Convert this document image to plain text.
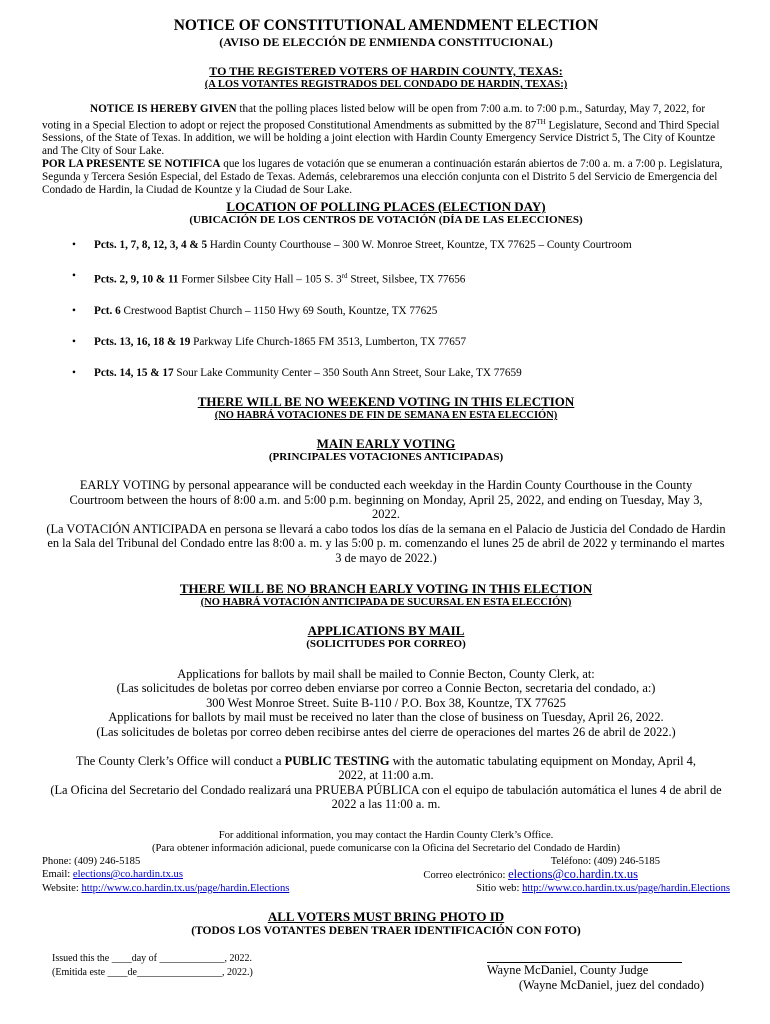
NOTICE OF CONSTITUTIONAL AMENDMENT ELECTION
(AVISO DE ELECCIÓN DE ENMIENDA CONSTITUCIONAL)
TO THE REGISTERED VOTERS OF HARDIN COUNTY, TEXAS:
(A LOS VOTANTES REGISTRADOS DEL CONDADO DE HARDIN, TEXAS:)
NOTICE IS HEREBY GIVEN that the polling places listed below will be open from 7:00 a.m. to 7:00 p.m., Saturday, May 7, 2022, for voting in a Special Election to adopt or reject the proposed Constitutional Amendments as submitted by the 87TH Legislature, Second and Third Special Sessions, of the State of Texas. In addition, we will be holding a joint election with Hardin County Emergency Service District 5, The City of Kountze and The City of Sour Lake.
POR LA PRESENTE SE NOTIFICA que los lugares de votación que se enumeran a continuación estarán abiertos de 7:00 a. m. a 7:00 p. Legislatura, Segunda y Tercera Sesión Especial, del Estado de Texas. Además, celebraremos una elección conjunta con el Distrito 5 del Servicio de Emergencia del Condado de Hardin, la Ciudad de Kountze y la Ciudad de Sour Lake.
LOCATION OF POLLING PLACES (ELECTION DAY)
(UBICACIÓN DE LOS CENTROS DE VOTACIÓN (DÍA DE LAS ELECCIONES)
• Pcts. 1, 7, 8, 12, 3, 4 & 5 Hardin County Courthouse – 300 W. Monroe Street, Kountze, TX 77625 – County Courtroom
• Pcts. 2, 9, 10 & 11 Former Silsbee City Hall – 105 S. 3rd Street, Silsbee, TX 77656
• Pct. 6 Crestwood Baptist Church – 1150 Hwy 69 South, Kountze, TX 77625
• Pcts. 13, 16, 18 & 19 Parkway Life Church-1865 FM 3513, Lumberton, TX 77657
• Pcts. 14, 15 & 17 Sour Lake Community Center – 350 South Ann Street, Sour Lake, TX 77659
THERE WILL BE NO WEEKEND VOTING IN THIS ELECTION
(NO HABRÁ VOTACIONES DE FIN DE SEMANA EN ESTA ELECCIÓN)
MAIN EARLY VOTING
(PRINCIPALES VOTACIONES ANTICIPADAS)
EARLY VOTING by personal appearance will be conducted each weekday in the Hardin County Courthouse in the County Courtroom between the hours of 8:00 a.m. and 5:00 p.m. beginning on Monday, April 25, 2022, and ending on Tuesday, May 3, 2022.
(La VOTACIÓN ANTICIPADA en persona se llevará a cabo todos los días de la semana en el Palacio de Justicia del Condado de Hardin en la Sala del Tribunal del Condado entre las 8:00 a. m. y las 5:00 p. m. comenzando el lunes 25 de abril de 2022 y terminando el martes 3 de mayo de 2022.)
THERE WILL BE NO BRANCH EARLY VOTING IN THIS ELECTION
(NO HABRÁ VOTACIÓN ANTICIPADA DE SUCURSAL EN ESTA ELECCIÓN)
APPLICATIONS BY MAIL
(SOLICITUDES POR CORREO)
Applications for ballots by mail shall be mailed to Connie Becton, County Clerk, at:
(Las solicitudes de boletas por correo deben enviarse por correo a Connie Becton, secretaria del condado, a:)
300 West Monroe Street. Suite B-110 / P.O. Box 38, Kountze, TX 77625
Applications for ballots by mail must be received no later than the close of business on Tuesday, April 26, 2022.
(Las solicitudes de boletas por correo deben recibirse antes del cierre de operaciones del martes 26 de abril de 2022.)
The County Clerk’s Office will conduct a PUBLIC TESTING with the automatic tabulating equipment on Monday, April 4, 2022, at 11:00 a.m.
(La Oficina del Secretario del Condado realizará una PRUEBA PÚBLICA con el equipo de tabulación automática el lunes 4 de abril de 2022 a las 11:00 a. m.
For additional information, you may contact the Hardin County Clerk’s Office.
(Para obtener información adicional, puede comunicarse con la Oficina del Secretario del Condado de Hardin)
Phone: (409) 246-5185	Teléfono: (409) 246-5185
Email: elections@co.hardin.tx.us	Correo electrónico: elections@co.hardin.tx.us
Website: http://www.co.hardin.tx.us/page/hardin.Elections	Sitio web: http://www.co.hardin.tx.us/page/hardin.Elections
ALL VOTERS MUST BRING PHOTO ID
(TODOS LOS VOTANTES DEBEN TRAER IDENTIFICACIÓN CON FOTO)
Issued this the ____day of _____________, 2022.
(Emitida este ____de_________________, 2022.)	Wayne McDaniel, County Judge
(Wayne McDaniel, juez del condado)
